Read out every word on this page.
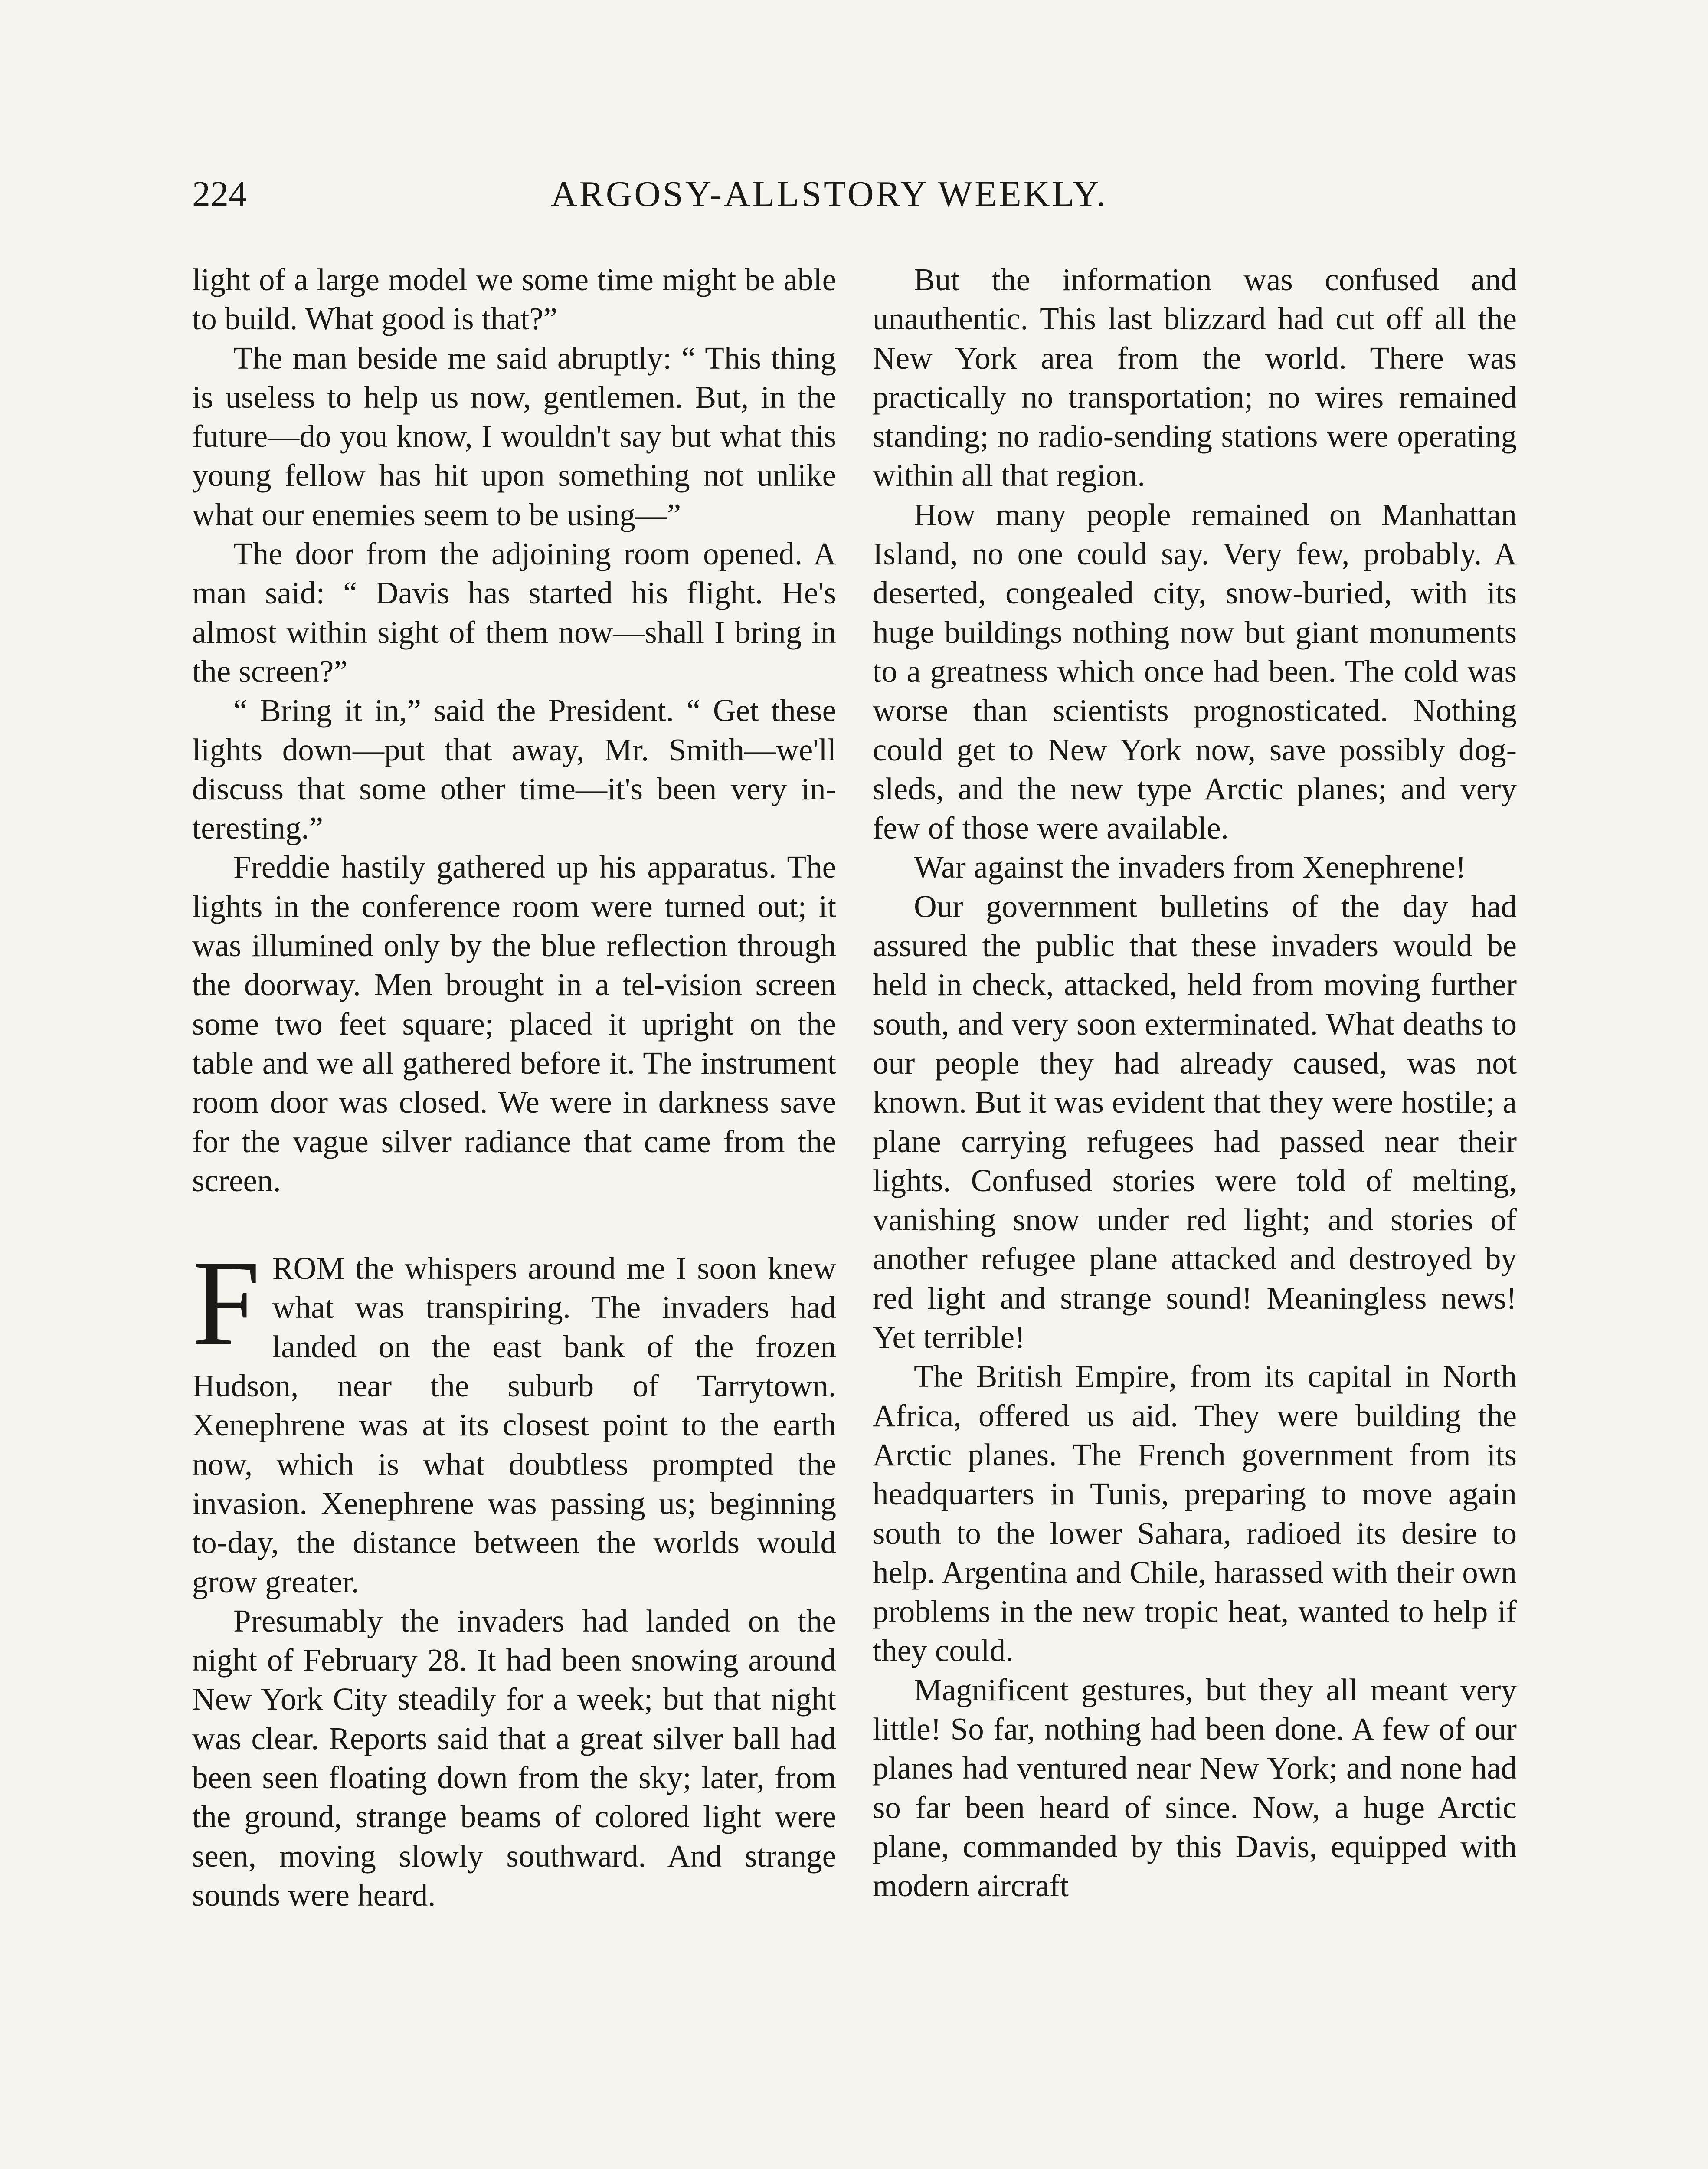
224	ARGOSY-ALLSTORY WEEKLY.

light of a large model we some time might be able to build. What good is that?”

The man beside me said abruptly: “ This thing is useless to help us now, gentlemen. But, in the future—do you know, I wouldn't say but what this young fellow has hit upon something not unlike what our enemies seem to be using—”

The door from the adjoining room opened. A man said: “ Davis has started his flight. He's almost within sight of them now—shall I bring in the screen?”

“ Bring it in,” said the President. “ Get these lights down—put that away, Mr. Smith—we'll discuss that some other time—it's been very interesting.”

Freddie hastily gathered up his apparatus. The lights in the conference room were turned out; it was illumined only by the blue reflection through the doorway. Men brought in a tel-vision screen some two feet square; placed it upright on the table and we all gathered before it. The instrument room door was closed. We were in darkness save for the vague silver radiance that came from the screen.

FROM the whispers around me I soon knew what was transpiring. The invaders had landed on the east bank of the frozen Hudson, near the suburb of Tarrytown. Xenephrene was at its closest point to the earth now, which is what doubtless prompted the invasion. Xenephrene was passing us; beginning to-day, the distance between the worlds would grow greater.

Presumably the invaders had landed on the night of February 28. It had been snowing around New York City steadily for a week; but that night was clear. Reports said that a great silver ball had been seen floating down from the sky; later, from the ground, strange beams of colored light were seen, moving slowly southward. And strange sounds were heard.

But the information was confused and unauthentic. This last blizzard had cut off all the New York area from the world. There was practically no transportation; no wires remained standing; no radio-sending stations were operating within all that region.

How many people remained on Manhattan Island, no one could say. Very few, probably. A deserted, congealed city, snow-buried, with its huge buildings nothing now but giant monuments to a greatness which once had been. The cold was worse than scientists prognosticated. Nothing could get to New York now, save possibly dogsleds, and the new type Arctic planes; and very few of those were available.

War against the invaders from Xenephrene!

Our government bulletins of the day had assured the public that these invaders would be held in check, attacked, held from moving further south, and very soon exterminated. What deaths to our people they had already caused, was not known. But it was evident that they were hostile; a plane carrying refugees had passed near their lights. Confused stories were told of melting, vanishing snow under red light; and stories of another refugee plane attacked and destroyed by red light and strange sound! Meaningless news! Yet terrible!

The British Empire, from its capital in North Africa, offered us aid. They were building the Arctic planes. The French government from its headquarters in Tunis, preparing to move again south to the lower Sahara, radioed its desire to help. Argentina and Chile, harassed with their own problems in the new tropic heat, wanted to help if they could.

Magnificent gestures, but they all meant very little! So far, nothing had been done. A few of our planes had ventured near New York; and none had so far been heard of since. Now, a huge Arctic plane, commanded by this Davis, equipped with modern aircraft
